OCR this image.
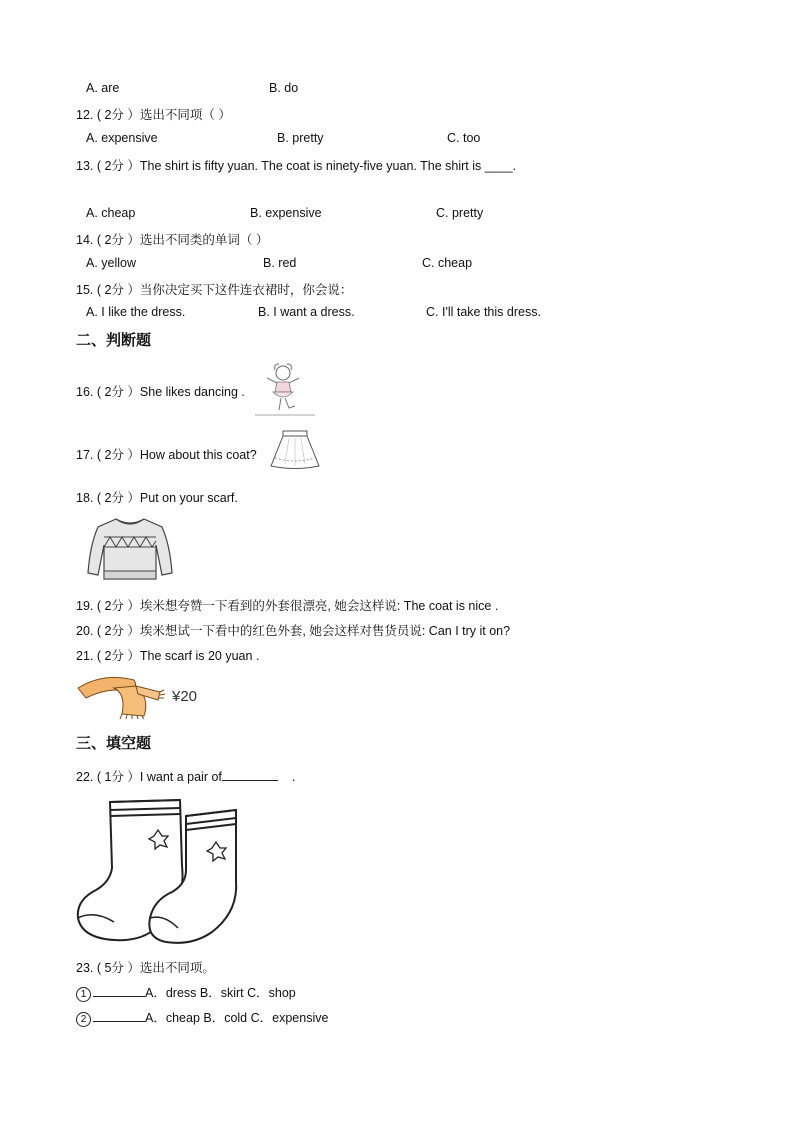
A. are	B. do
12. ( 2分 ）选出不同项（ ）
A. expensive	B. pretty	C. too
13. ( 2分 ）The shirt is fifty yuan. The coat is ninety-five yuan. The shirt is ____.
A. cheap	B. expensive	C. pretty
14. ( 2分 ）选出不同类的单词（ ）
A. yellow	B. red	C. cheap
15. ( 2分 ）当你决定买下这件连衣裙时，你会说：
A. I like the dress.	B. I want a dress.	C. I'll take this dress.
二、判断题
16. ( 2分 ）She likes dancing .
17. ( 2分 ）How about this coat?
18. ( 2分 ）Put on your scarf.
19. ( 2分 ）埃米想夸赞一下看到的外套很漂亮, 她会这样说: The coat is nice .
20. ( 2分 ）埃米想试一下看中的红色外套, 她会这样对售货员说: Can I try it on?
21. ( 2分 ）The scarf is 20 yuan .
¥20
三、填空题
22. ( 1分 ）I want a pair of	.
23. ( 5分 ）选出不同项。
1	A．dress B．skirt C．shop
2	A．cheap B．cold C．expensive
